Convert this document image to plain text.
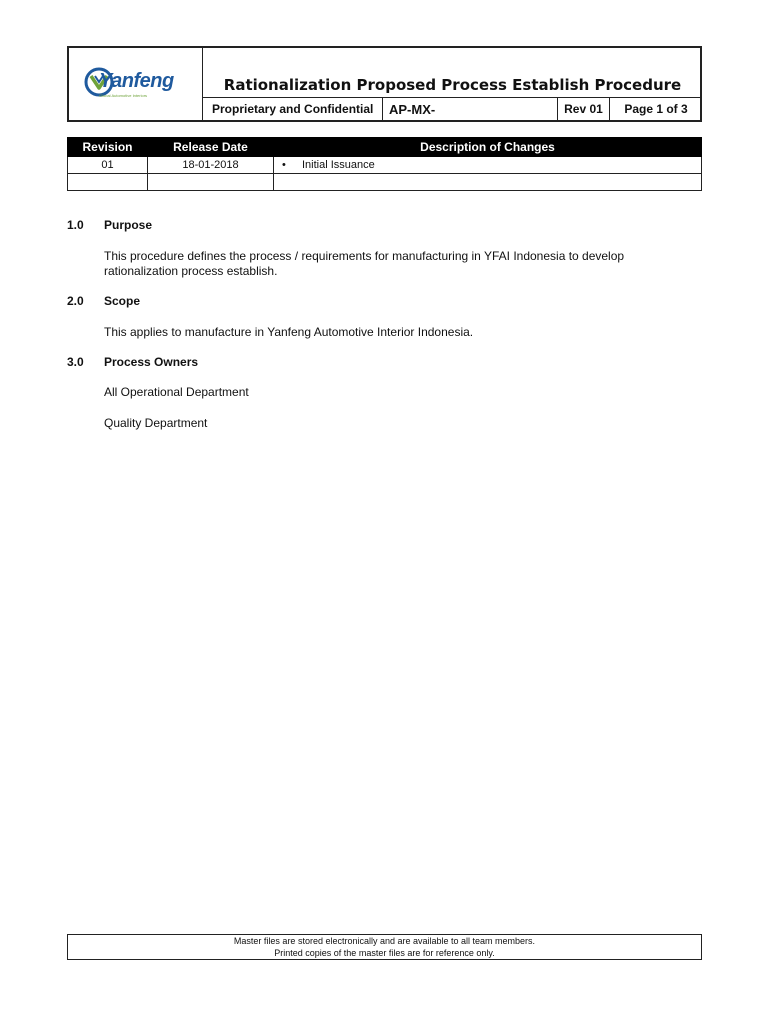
Yanfeng
Global Automotive Interiors
Rationalization Proposed Process Establish Procedure
Proprietary and Confidential	AP-MX-	Rev 01	Page 1 of 3
Revision	Release Date	Description of Changes
01	18-01-2018	• Initial Issuance

1.0	Purpose
This procedure defines the process / requirements for manufacturing in YFAI Indonesia to develop rationalization process establish.
2.0	Scope
This applies to manufacture in Yanfeng Automotive Interior Indonesia.
3.0	Process Owners
All Operational Department
Quality Department
Master files are stored electronically and are available to all team members.
Printed copies of the master files are for reference only.
